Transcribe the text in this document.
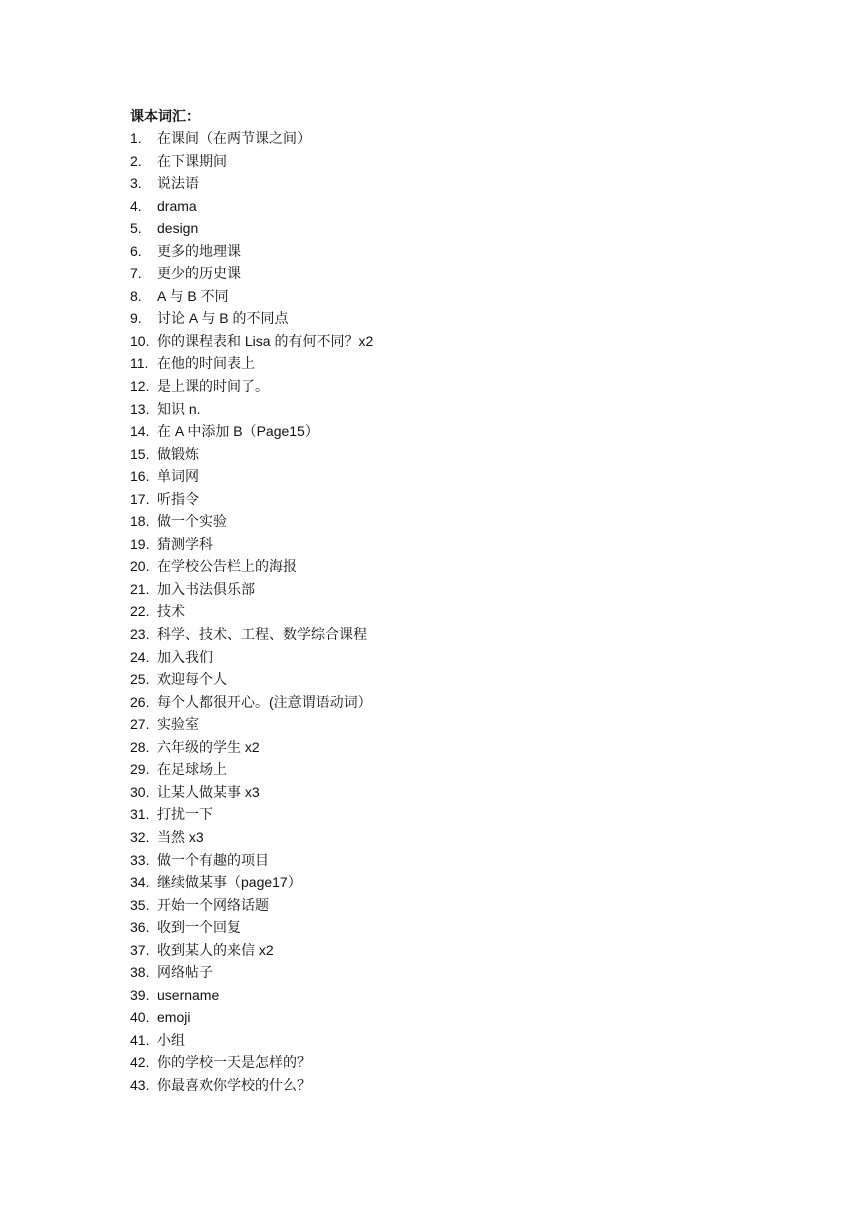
课本词汇：
1.	在课间（在两节课之间）
2.	在下课期间
3.	说法语
4.	drama
5.	design
6.	更多的地理课
7.	更少的历史课
8.	A 与 B 不同
9.	讨论 A 与 B 的不同点
10. 你的课程表和 Lisa 的有何不同？x2
11. 在他的时间表上
12. 是上课的时间了。
13. 知识 n.
14. 在 A 中添加 B（Page15）
15. 做锻炼
16. 单词网
17. 听指令
18. 做一个实验
19. 猜测学科
20. 在学校公告栏上的海报
21. 加入书法俱乐部
22. 技术
23. 科学、技术、工程、数学综合课程
24. 加入我们
25. 欢迎每个人
26. 每个人都很开心。(注意谓语动词）
27. 实验室
28. 六年级的学生 x2
29. 在足球场上
30. 让某人做某事 x3
31. 打扰一下
32. 当然 x3
33. 做一个有趣的项目
34. 继续做某事（page17）
35. 开始一个网络话题
36. 收到一个回复
37. 收到某人的来信 x2
38. 网络帖子
39. username
40. emoji
41. 小组
42. 你的学校一天是怎样的？
43. 你最喜欢你学校的什么？
